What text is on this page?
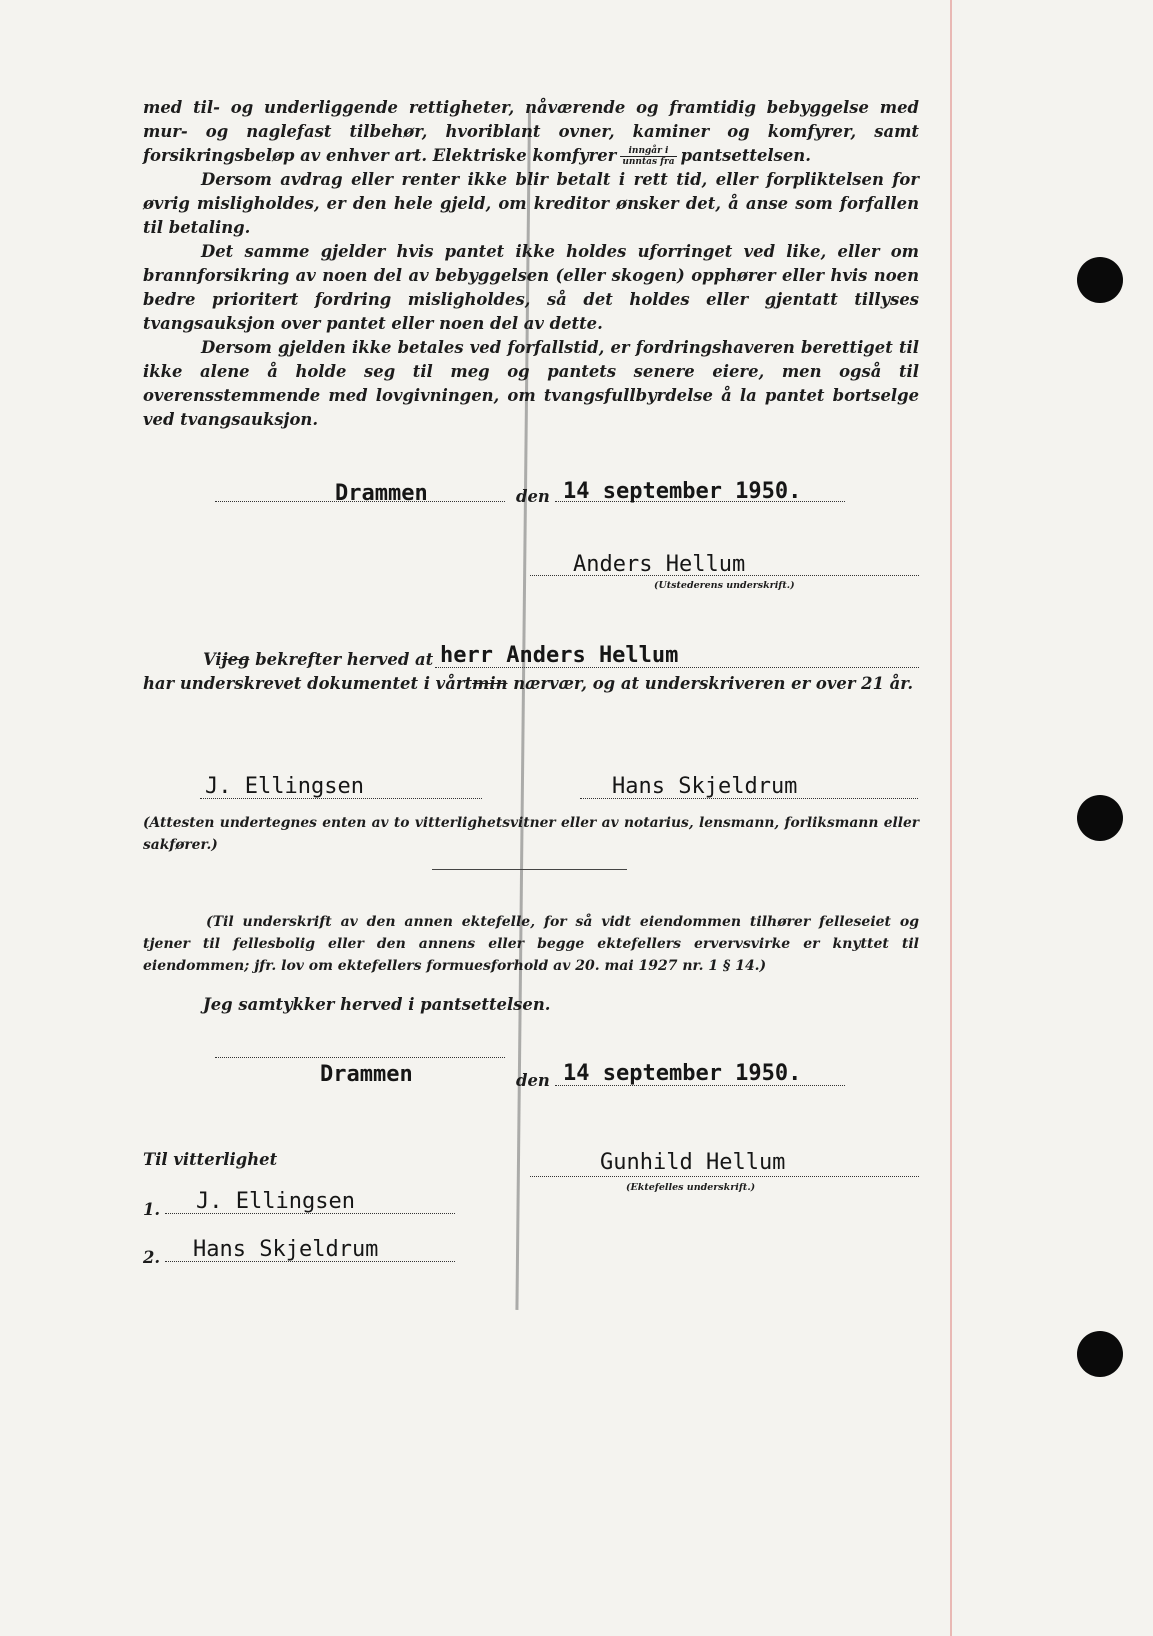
med til- og underliggende rettigheter, nåværende og framtidig bebyggelse med mur- og naglefast tilbehør, hvoriblant ovner, kaminer og komfyrer, samt forsikringsbeløp av enhver art. Elektriske komfyrer $\frac{\text{inngår i}}{\text{unntas fra}}$ pantsettelsen.

Dersom avdrag eller renter ikke blir betalt i rett tid, eller forpliktelsen for øvrig misligholdes, er den hele gjeld, om kreditor ønsker det, å anse som forfallen til betaling.

Det samme gjelder hvis pantet ikke holdes uforringet ved like, eller om brannforsikring av noen del av bebyggelsen (eller skogen) opphører eller hvis noen bedre prioritert fordring misligholdes, så det holdes eller gjentatt tillyses tvangsauksjon over pantet eller noen del av dette.

Dersom gjelden ikke betales ved forfallstid, er fordringshaveren berettiget til ikke alene å holde seg til meg og pantets senere eiere, men også til overensstemmende med lovgivningen, om tvangsfullbyrdelse å la pantet bortselge ved tvangsauksjon.

Drammen	den 14 september 1950.
Anders Hellum
(Utstederens underskrift.)
Vijeg bekrefter herved at herr Anders Hellum
har underskrevet dokumentet i vårtmin nærvær, og at underskriveren er over 21 år.
J. Ellingsen	Hans Skjeldrum

(Attesten undertegnes enten av to vitterlighetsvitner eller av notarius, lensmann, forliksmann eller sakfører.)

(Til underskrift av den annen ektefelle, for så vidt eiendommen tilhører felleseiet og tjener til fellesbolig eller den annens eller begge ektefellers ervervsvirke er knyttet til eiendommen; jfr. lov om ektefellers formuesforhold av 20. mai 1927 nr. 1 § 14.)

Jeg samtykker herved i pantsettelsen.
Drammen	den 14 september 1950.
Til vitterlighet
1. J. Ellingsen
2. Hans Skjeldrum
Gunhild Hellum
(Ektefelles underskrift.)
